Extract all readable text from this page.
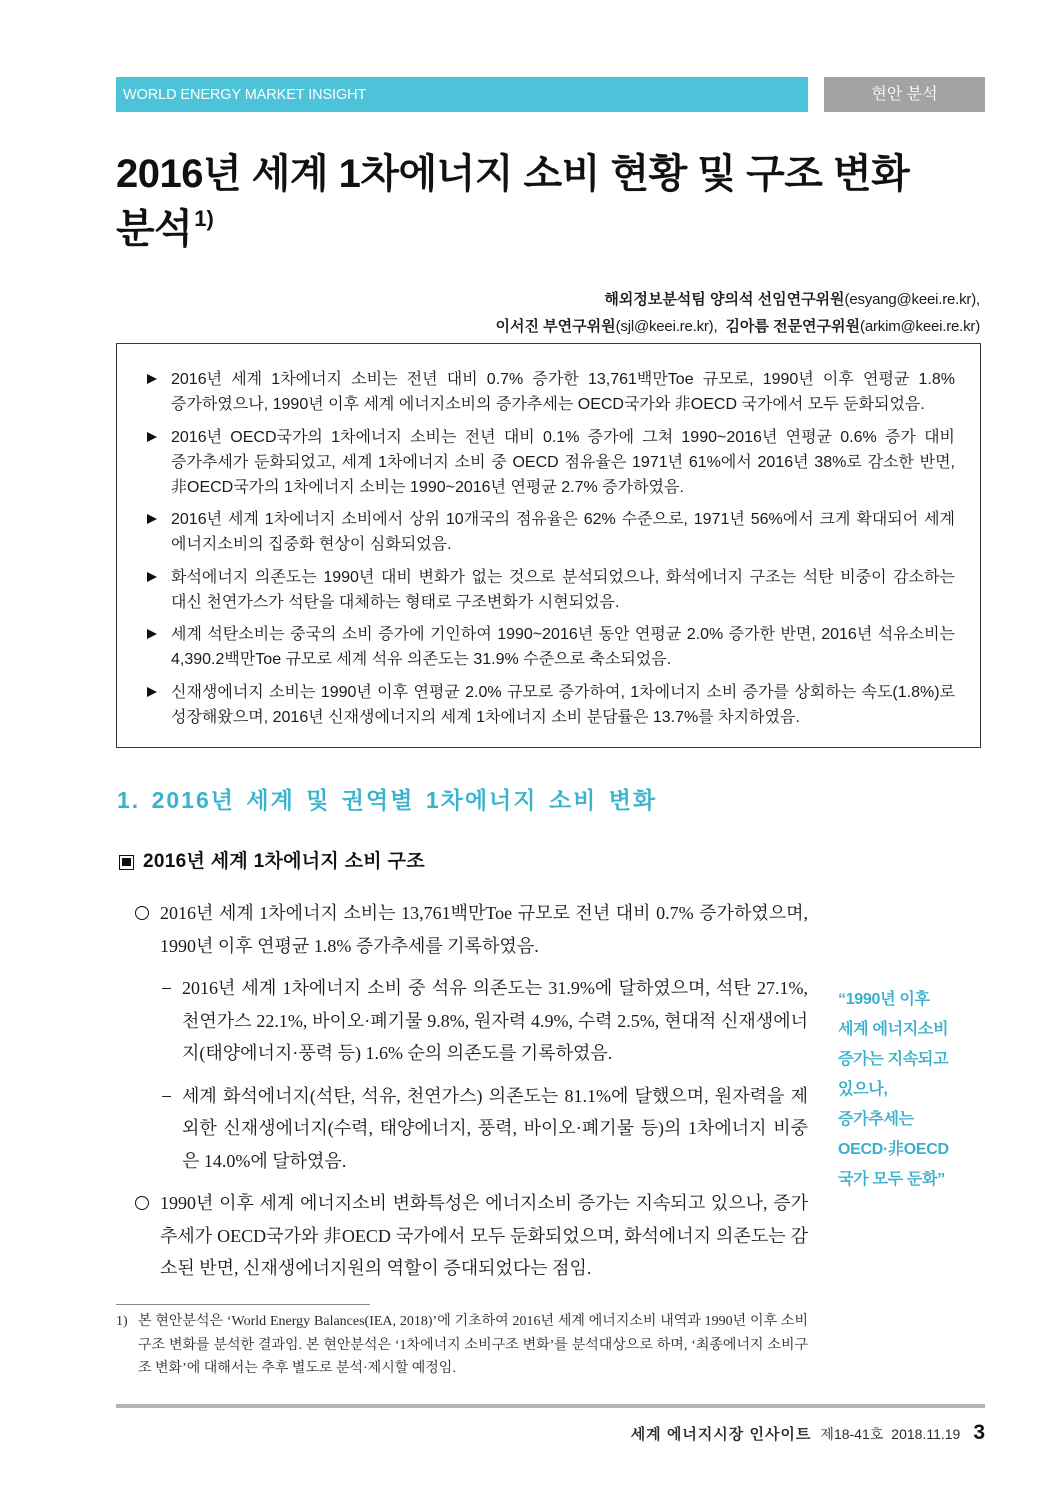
WORLD ENERGY MARKET INSIGHT	현안 분석
2016년 세계 1차에너지 소비 현황 및 구조 변화
분석$^{1)}$
해외정보분석팀 양의석 선임연구위원(esyang@keei.re.kr),
이서진 부연구위원(sjl@keei.re.kr), 김아름 전문연구위원(arkim@keei.re.kr)
2016년 세계 1차에너지 소비는 전년 대비 0.7% 증가한 13,761백만Toe 규모로, 1990년 이후 연평균 1.8% 증가하였으나, 1990년 이후 세계 에너지소비의 증가추세는 OECD국가와 非OECD 국가에서 모두 둔화되었음.
2016년 OECD국가의 1차에너지 소비는 전년 대비 0.1% 증가에 그쳐 1990~2016년 연평균 0.6% 증가 대비 증가추세가 둔화되었고, 세계 1차에너지 소비 중 OECD 점유율은 1971년 61%에서 2016년 38%로 감소한 반면, 非OECD국가의 1차에너지 소비는 1990~2016년 연평균 2.7% 증가하였음.
2016년 세계 1차에너지 소비에서 상위 10개국의 점유율은 62% 수준으로, 1971년 56%에서 크게 확대되어 세계 에너지소비의 집중화 현상이 심화되었음.
화석에너지 의존도는 1990년 대비 변화가 없는 것으로 분석되었으나, 화석에너지 구조는 석탄 비중이 감소하는 대신 천연가스가 석탄을 대체하는 형태로 구조변화가 시현되었음.
세계 석탄소비는 중국의 소비 증가에 기인하여 1990~2016년 동안 연평균 2.0% 증가한 반면, 2016년 석유소비는 4,390.2백만Toe 규모로 세계 석유 의존도는 31.9% 수준으로 축소되었음.
신재생에너지 소비는 1990년 이후 연평균 2.0% 규모로 증가하여, 1차에너지 소비 증가를 상회하는 속도(1.8%)로 성장해왔으며, 2016년 신재생에너지의 세계 1차에너지 소비 분담률은 13.7%를 차지하였음.
1. 2016년 세계 및 권역별 1차에너지 소비 변화
2016년 세계 1차에너지 소비 구조

2016년 세계 1차에너지 소비는 13,761백만Toe 규모로 전년 대비 0.7% 증가하였으며, 1990년 이후 연평균 1.8% 증가추세를 기록하였음.

2016년 세계 1차에너지 소비 중 석유 의존도는 31.9%에 달하였으며, 석탄 27.1%, 천연가스 22.1%, 바이오·폐기물 9.8%, 원자력 4.9%, 수력 2.5%, 현대적 신재생에너지(태양에너지·풍력 등) 1.6% 순의 의존도를 기록하였음.

세계 화석에너지(석탄, 석유, 천연가스) 의존도는 81.1%에 달했으며, 원자력을 제외한 신재생에너지(수력, 태양에너지, 풍력, 바이오·폐기물 등)의 1차에너지 비중은 14.0%에 달하였음.

1990년 이후 세계 에너지소비 변화특성은 에너지소비 증가는 지속되고 있으나, 증가추세가 OECD국가와 非OECD 국가에서 모두 둔화되었으며, 화석에너지 의존도는 감소된 반면, 신재생에너지원의 역할이 증대되었다는 점임.

“1990년 이후
세계 에너지소비
증가는 지속되고
있으나,
증가추세는
OECD·非OECD
국가 모두 둔화”
1) 본 현안분석은 ‘World Energy Balances(IEA, 2018)’에 기초하여 2016년 세계 에너지소비 내역과 1990년 이후 소비구조 변화를 분석한 결과임. 본 현안분석은 ‘1차에너지 소비구조 변화’를 분석대상으로 하며, ‘최종에너지 소비구조 변화’에 대해서는 추후 별도로 분석·제시할 예정임.
세계 에너지시장 인사이트 제18-41호 2018.11.19 3
